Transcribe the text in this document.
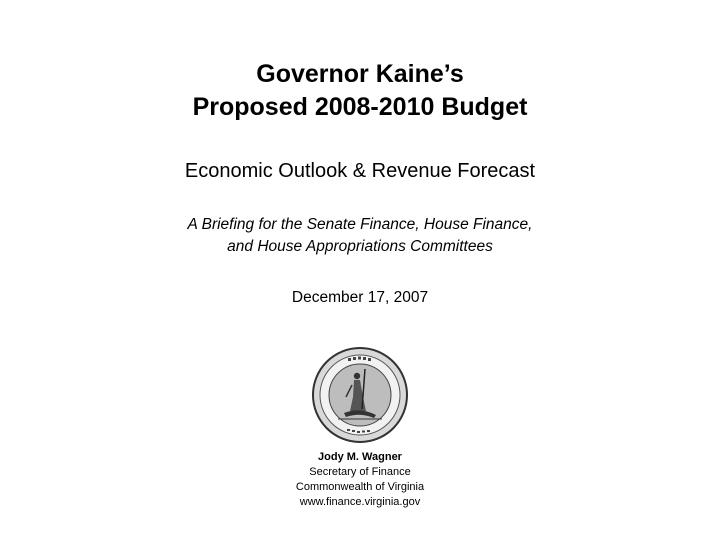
Governor Kaine’s
Proposed 2008-2010 Budget
Economic Outlook & Revenue Forecast
A Briefing for the Senate Finance, House Finance,
and House Appropriations Committees
December 17, 2007
Jody M. Wagner
Secretary of Finance
Commonwealth of Virginia
www.finance.virginia.gov
